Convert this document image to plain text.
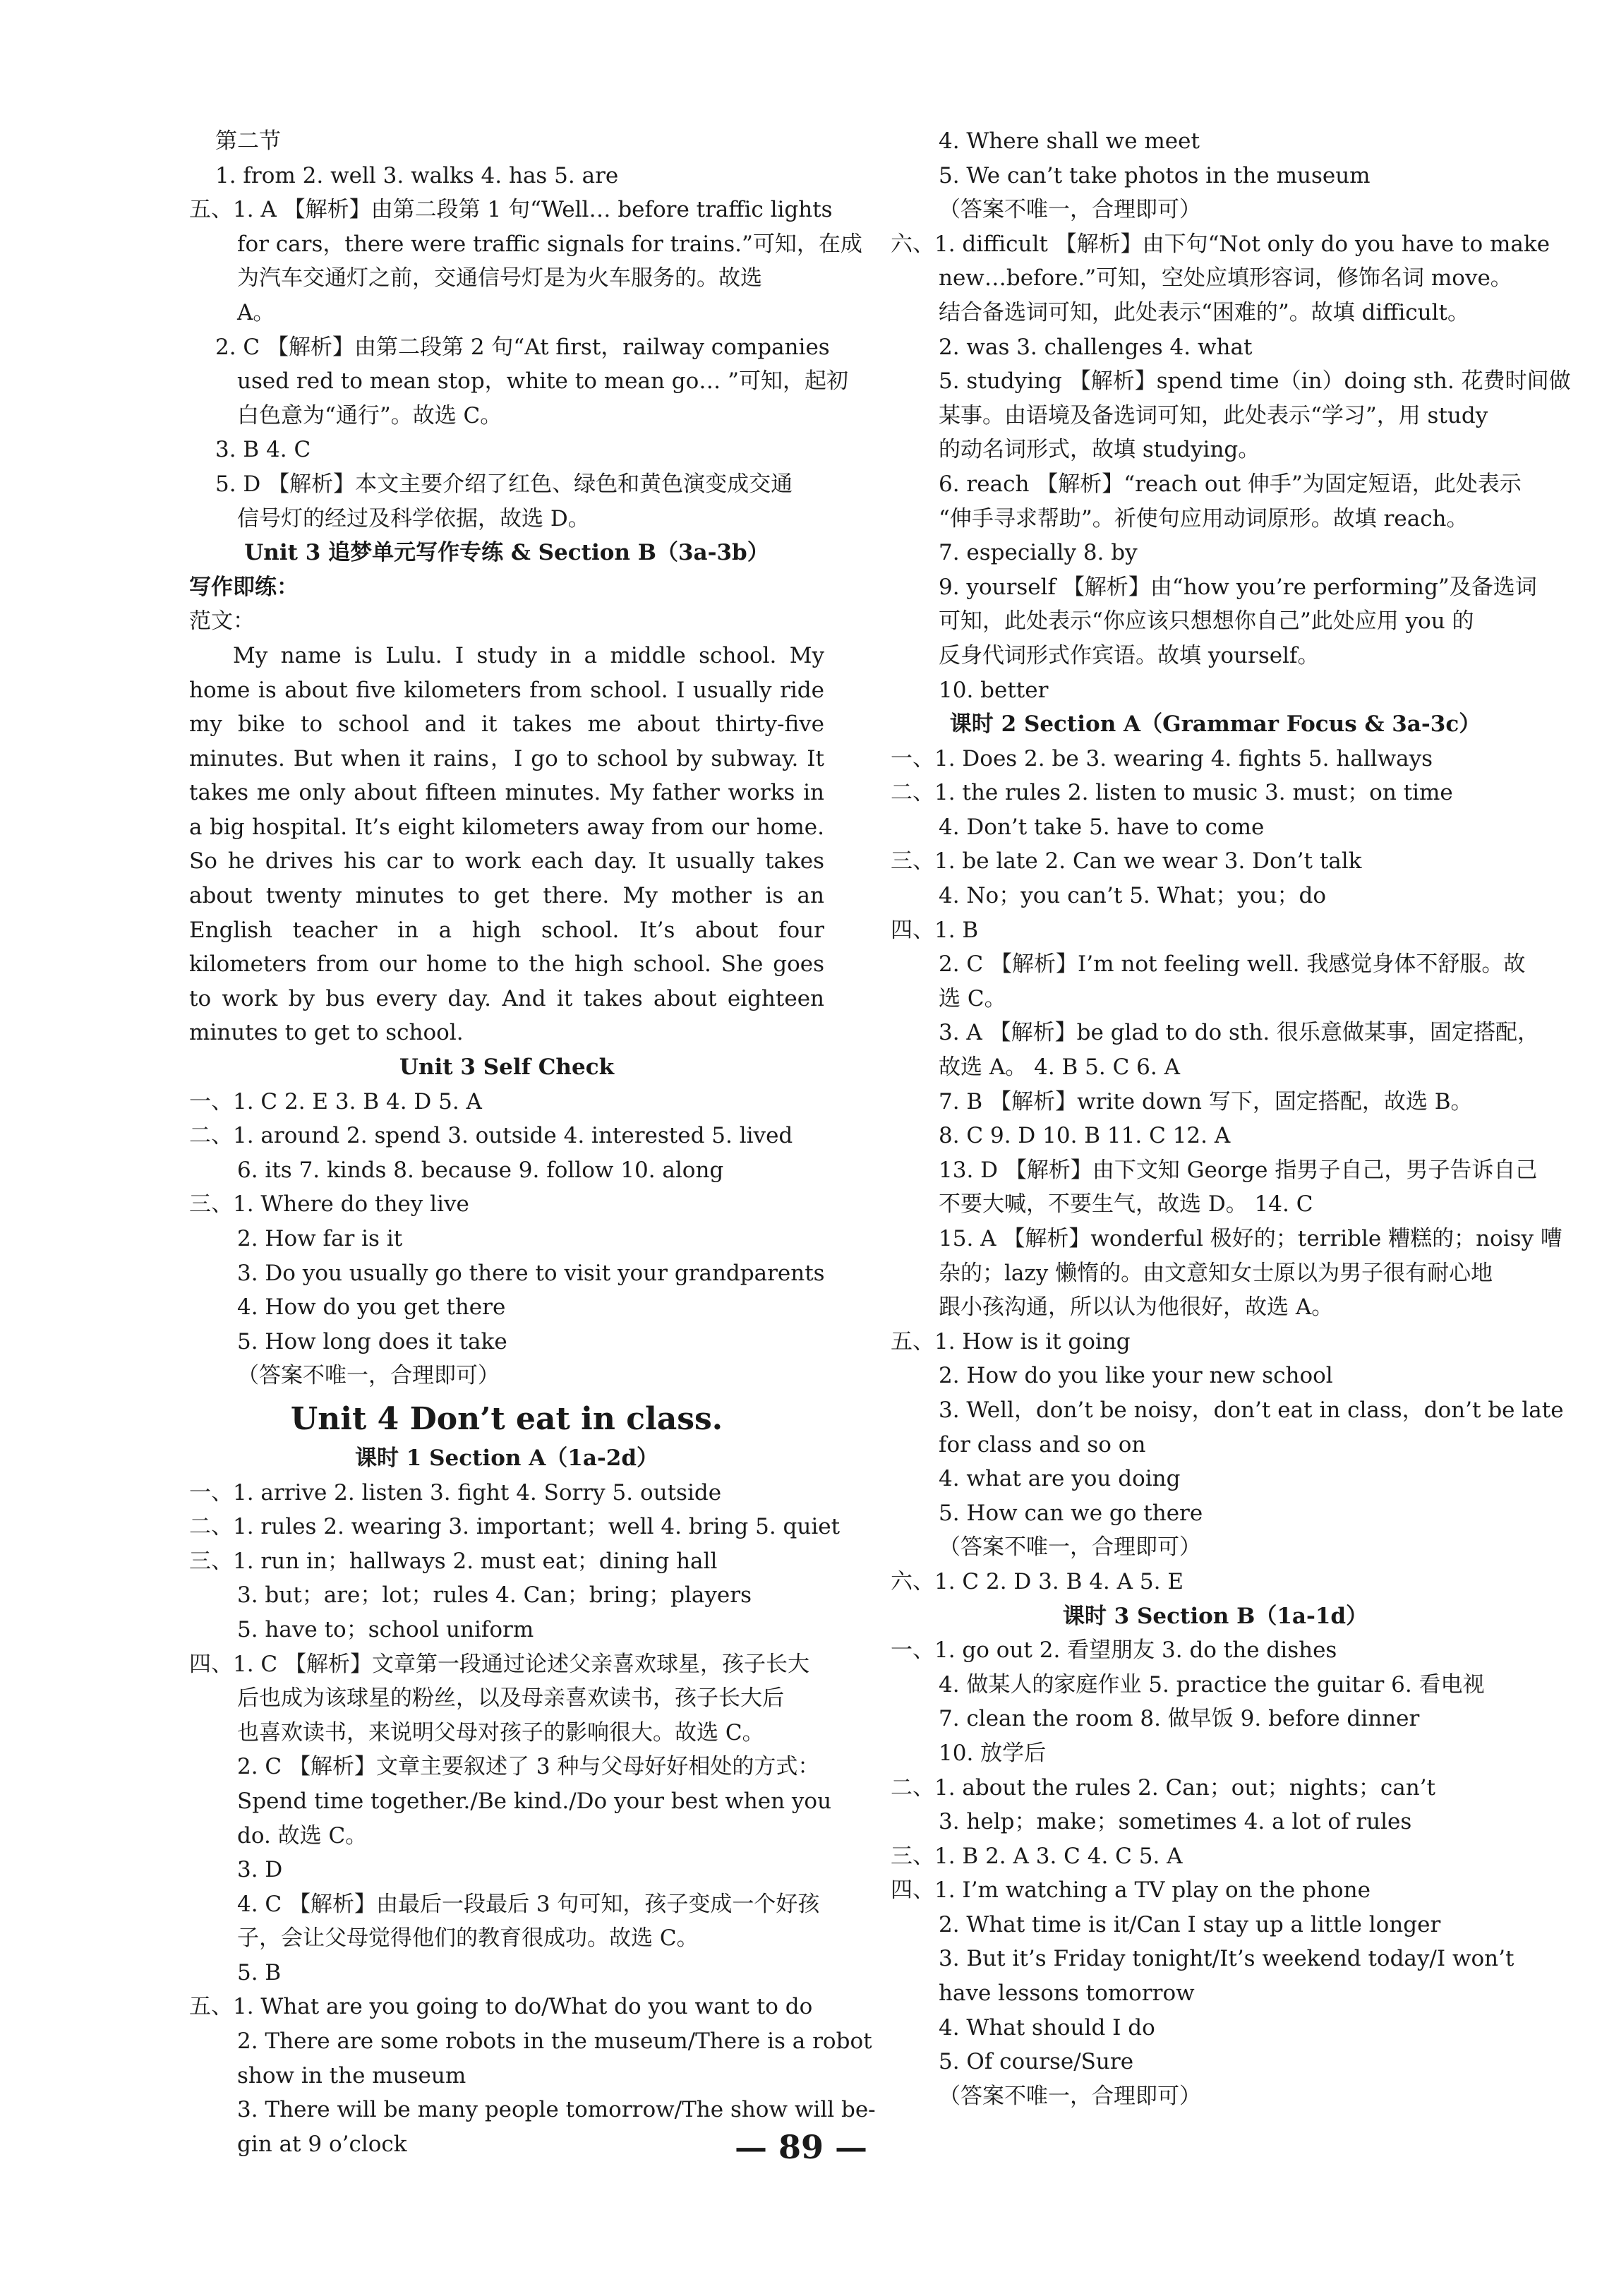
第二节
1. from 2. well 3. walks 4. has 5. are
五、1. A 【解析】由第二段第 1 句“Well… before traffic lights
for cars，there were traffic signals for trains.”可知，在成
为汽车交通灯之前，交通信号灯是为火车服务的。故选
A。
2. C 【解析】由第二段第 2 句“At first，railway companies
used red to mean stop，white to mean go… ”可知，起初
白色意为“通行”。故选 C。
3. B 4. C
5. D 【解析】本文主要介绍了红色、绿色和黄色演变成交通
信号灯的经过及科学依据，故选 D。
Unit 3 追梦单元写作专练 & Section B（3a-3b）
写作即练：
范文：
My name is Lulu. I study in a middle school. My home is about five kilometers from school. I usually ride my bike to school and it takes me about thirty-five minutes. But when it rains，I go to school by subway. It takes me only about fifteen minutes. My father works in a big hospital. It’s eight kilometers away from our home. So he drives his car to work each day. It usually takes about twenty minutes to get there. My mother is an English teacher in a high school. It’s about four kilometers from our home to the high school. She goes to work by bus every day. And it takes about eighteen minutes to get to school.
Unit 3 Self Check
一、1. C 2. E 3. B 4. D 5. A
二、1. around 2. spend 3. outside 4. interested 5. lived
6. its 7. kinds 8. because 9. follow 10. along
三、1. Where do they live
2. How far is it
3. Do you usually go there to visit your grandparents
4. How do you get there
5. How long does it take
（答案不唯一，合理即可）
Unit 4 Don’t eat in class.
课时 1 Section A（1a-2d）
一、1. arrive 2. listen 3. fight 4. Sorry 5. outside
二、1. rules 2. wearing 3. important；well 4. bring 5. quiet
三、1. run in；hallways 2. must eat；dining hall
3. but；are；lot；rules 4. Can；bring；players
5. have to；school uniform
四、1. C 【解析】文章第一段通过论述父亲喜欢球星，孩子长大
后也成为该球星的粉丝，以及母亲喜欢读书，孩子长大后
也喜欢读书，来说明父母对孩子的影响很大。故选 C。
2. C 【解析】文章主要叙述了 3 种与父母好好相处的方式：
Spend time together./Be kind./Do your best when you
do. 故选 C。
3. D
4. C 【解析】由最后一段最后 3 句可知，孩子变成一个好孩
子，会让父母觉得他们的教育很成功。故选 C。
5. B
五、1. What are you going to do/What do you want to do
2. There are some robots in the museum/There is a robot
show in the museum
3. There will be many people tomorrow/The show will be-
gin at 9 o’clock
4. Where shall we meet
5. We can’t take photos in the museum
（答案不唯一，合理即可）
六、1. difficult 【解析】由下句“Not only do you have to make
new…before.”可知，空处应填形容词，修饰名词 move。
结合备选词可知，此处表示“困难的”。故填 difficult。
2. was 3. challenges 4. what
5. studying 【解析】spend time（in）doing sth. 花费时间做
某事。由语境及备选词可知，此处表示“学习”，用 study
的动名词形式，故填 studying。
6. reach 【解析】“reach out 伸手”为固定短语，此处表示
“伸手寻求帮助”。祈使句应用动词原形。故填 reach。
7. especially 8. by
9. yourself 【解析】由“how you’re performing”及备选词
可知，此处表示“你应该只想想你自己”此处应用 you 的
反身代词形式作宾语。故填 yourself。
10. better
课时 2 Section A（Grammar Focus & 3a-3c）
一、1. Does 2. be 3. wearing 4. fights 5. hallways
二、1. the rules 2. listen to music 3. must；on time
4. Don’t take 5. have to come
三、1. be late 2. Can we wear 3. Don’t talk
4. No；you can’t 5. What；you；do
四、1. B
2. C 【解析】I’m not feeling well. 我感觉身体不舒服。故
选 C。
3. A 【解析】be glad to do sth. 很乐意做某事，固定搭配，
故选 A。 4. B 5. C 6. A
7. B 【解析】write down 写下，固定搭配，故选 B。
8. C 9. D 10. B 11. C 12. A
13. D 【解析】由下文知 George 指男子自己，男子告诉自己
不要大喊，不要生气，故选 D。 14. C
15. A 【解析】wonderful 极好的；terrible 糟糕的；noisy 嘈
杂的；lazy 懒惰的。由文意知女士原以为男子很有耐心地
跟小孩沟通，所以认为他很好，故选 A。
五、1. How is it going
2. How do you like your new school
3. Well，don’t be noisy，don’t eat in class，don’t be late
for class and so on
4. what are you doing
5. How can we go there
（答案不唯一，合理即可）
六、1. C 2. D 3. B 4. A 5. E
课时 3 Section B（1a-1d）
一、1. go out 2. 看望朋友 3. do the dishes
4. 做某人的家庭作业 5. practice the guitar 6. 看电视
7. clean the room 8. 做早饭 9. before dinner
10. 放学后
二、1. about the rules 2. Can；out；nights；can’t
3. help；make；sometimes 4. a lot of rules
三、1. B 2. A 3. C 4. C 5. A
四、1. I’m watching a TV play on the phone
2. What time is it/Can I stay up a little longer
3. But it’s Friday tonight/It’s weekend today/I won’t
have lessons tomorrow
4. What should I do
5. Of course/Sure
（答案不唯一，合理即可）
— 89 —
